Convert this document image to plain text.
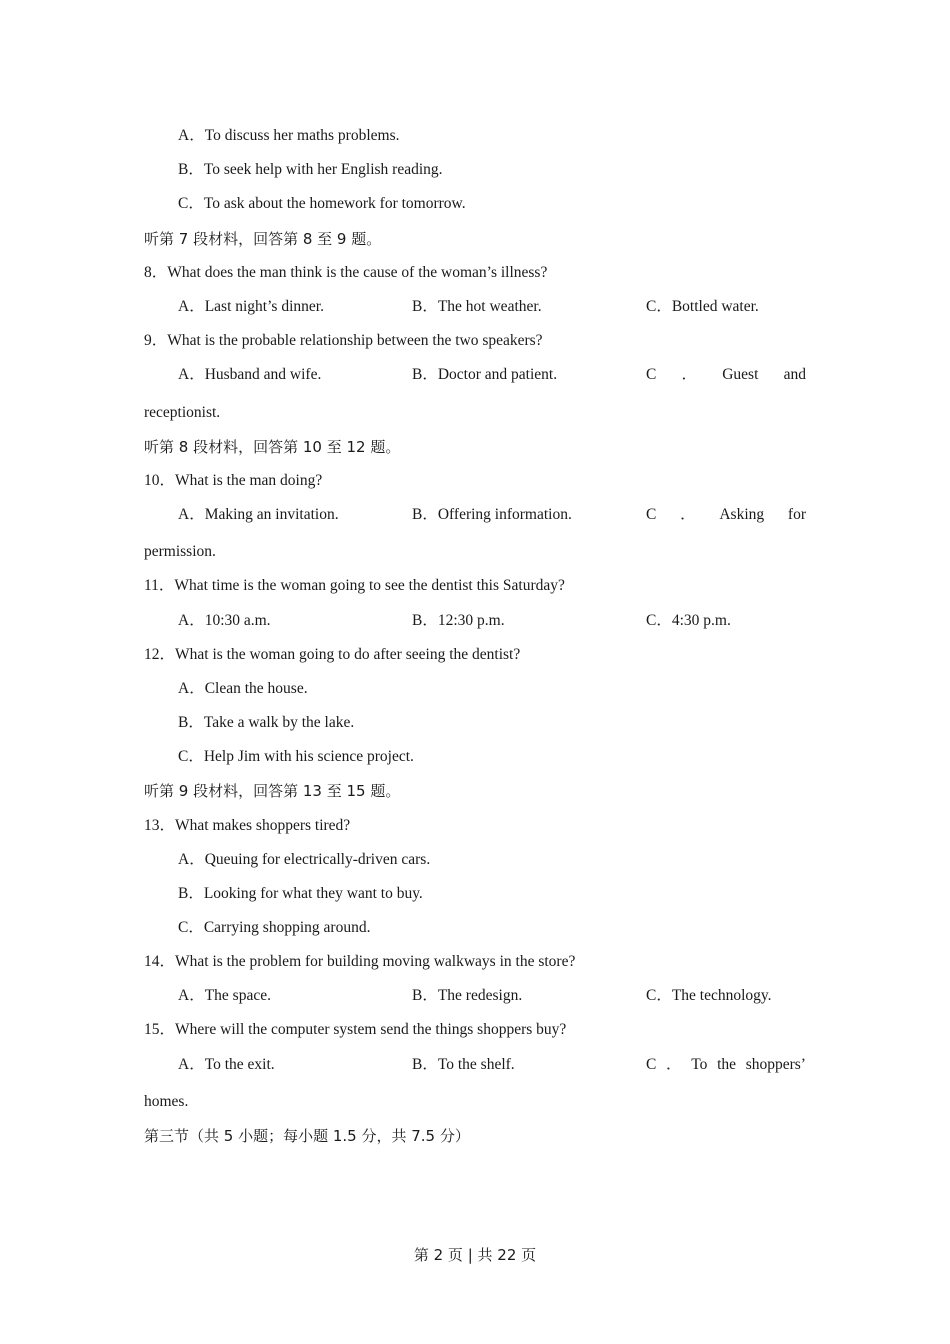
A．To discuss her maths problems.
B．To seek help with her English reading.
C．To ask about the homework for tomorrow.
听第 7 段材料，回答第 8 至 9 题。
8．What does the man think is the cause of the woman’s illness?
A．Last night’s dinner.	B．The hot weather.	C．Bottled water.
9．What is the probable relationship between the two speakers?
A．Husband and wife.	B．Doctor and patient.	C ． Guest and
receptionist.
听第 8 段材料，回答第 10 至 12 题。
10．What is the man doing?
A．Making an invitation.	B．Offering information.	C ． Asking for
permission.
11．What time is the woman going to see the dentist this Saturday?
A．10:30 a.m.	B．12:30 p.m.	C．4:30 p.m.
12．What is the woman going to do after seeing the dentist?
A．Clean the house.
B．Take a walk by the lake.
C．Help Jim with his science project.
听第 9 段材料，回答第 13 至 15 题。
13．What makes shoppers tired?
A．Queuing for electrically-driven cars.
B．Looking for what they want to buy.
C．Carrying shopping around.
14．What is the problem for building moving walkways in the store?
A．The space.	B．The redesign.	C．The technology.
15．Where will the computer system send the things shoppers buy?
A．To the exit.	B．To the shelf.	C ． To the shoppers’
homes.
第三节（共 5 小题；每小题 1.5 分，共 7.5 分）
第 2 页 | 共 22 页
